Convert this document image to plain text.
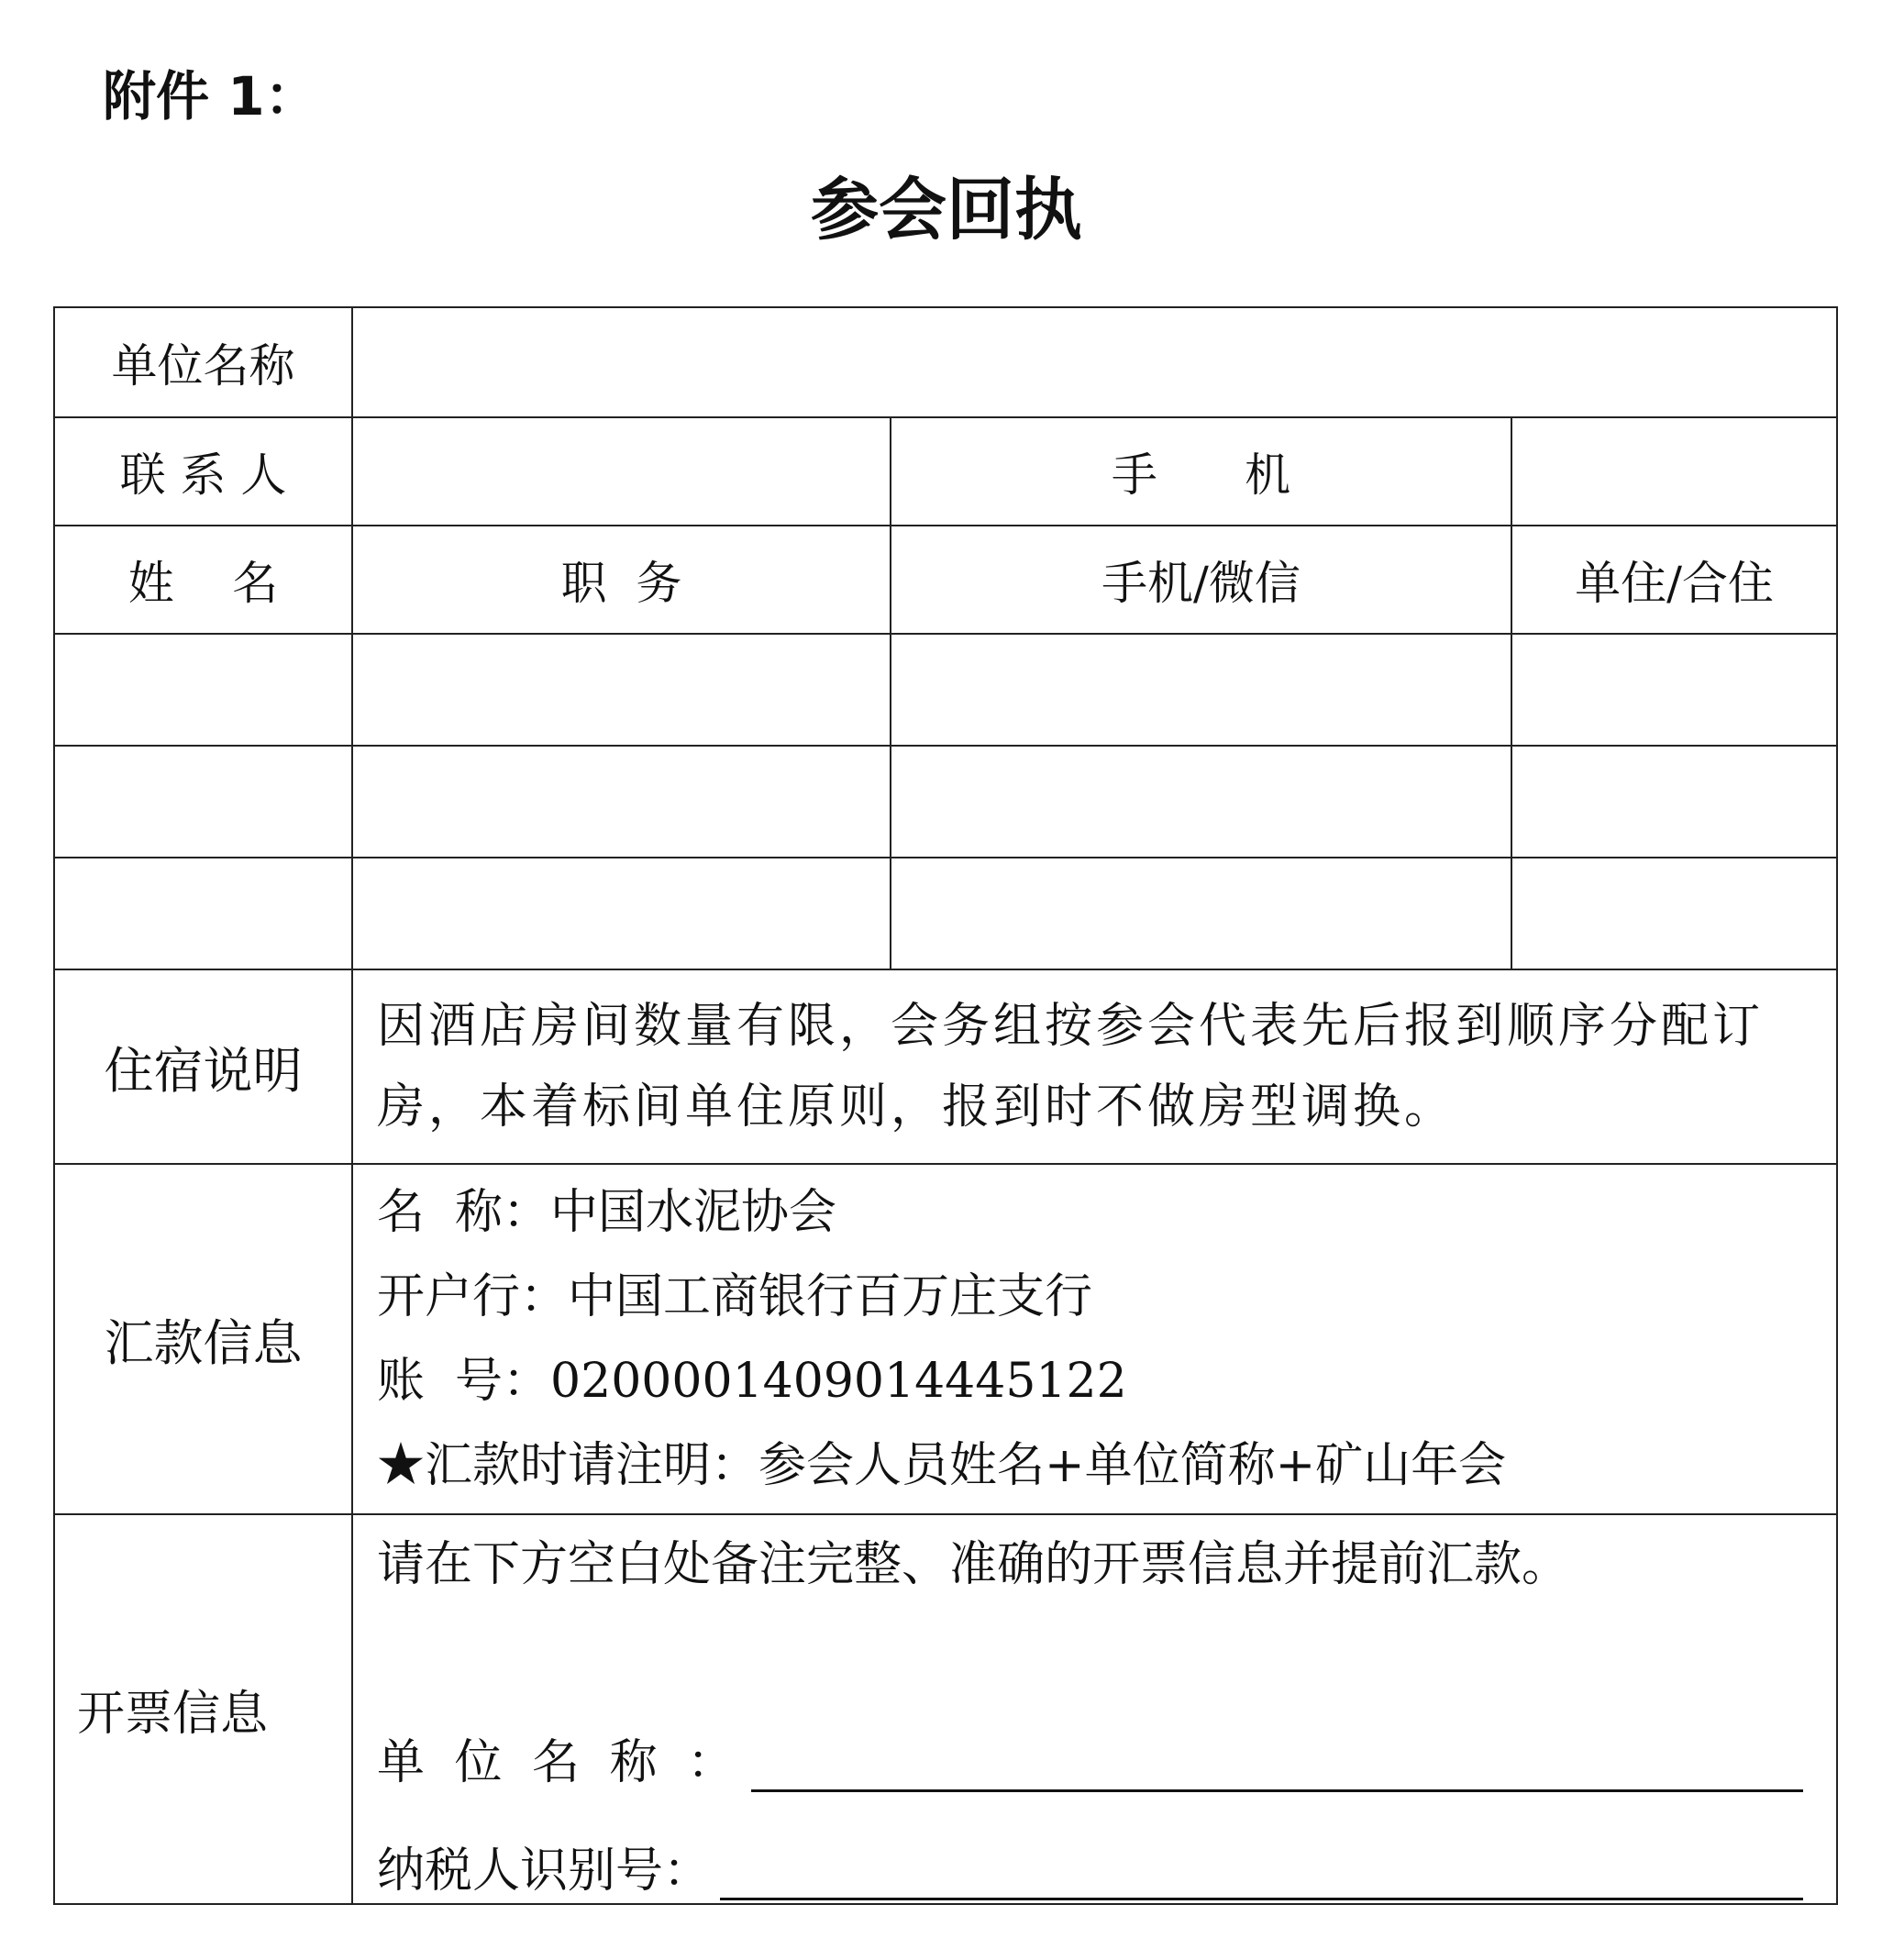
附件 1：
参会回执
单位名称			
联 系 人		手      机	
姓    名	职  务	手机/微信	单住/合住

住宿说明	因酒店房间数量有限，会务组按参会代表先后报到顺序分配订房，本着标间单住原则，报到时不做房型调换。		
汇款信息	名  称：中国水泥协会
开户行：中国工商银行百万庄支行
账  号：0200001409014445122
★汇款时请注明：参会人员姓名+单位简称+矿山年会		

开票信息	请在下方空白处备注完整、准确的开票信息并提前汇款。
单 位 名 称 ：
纳税人识别号：		
